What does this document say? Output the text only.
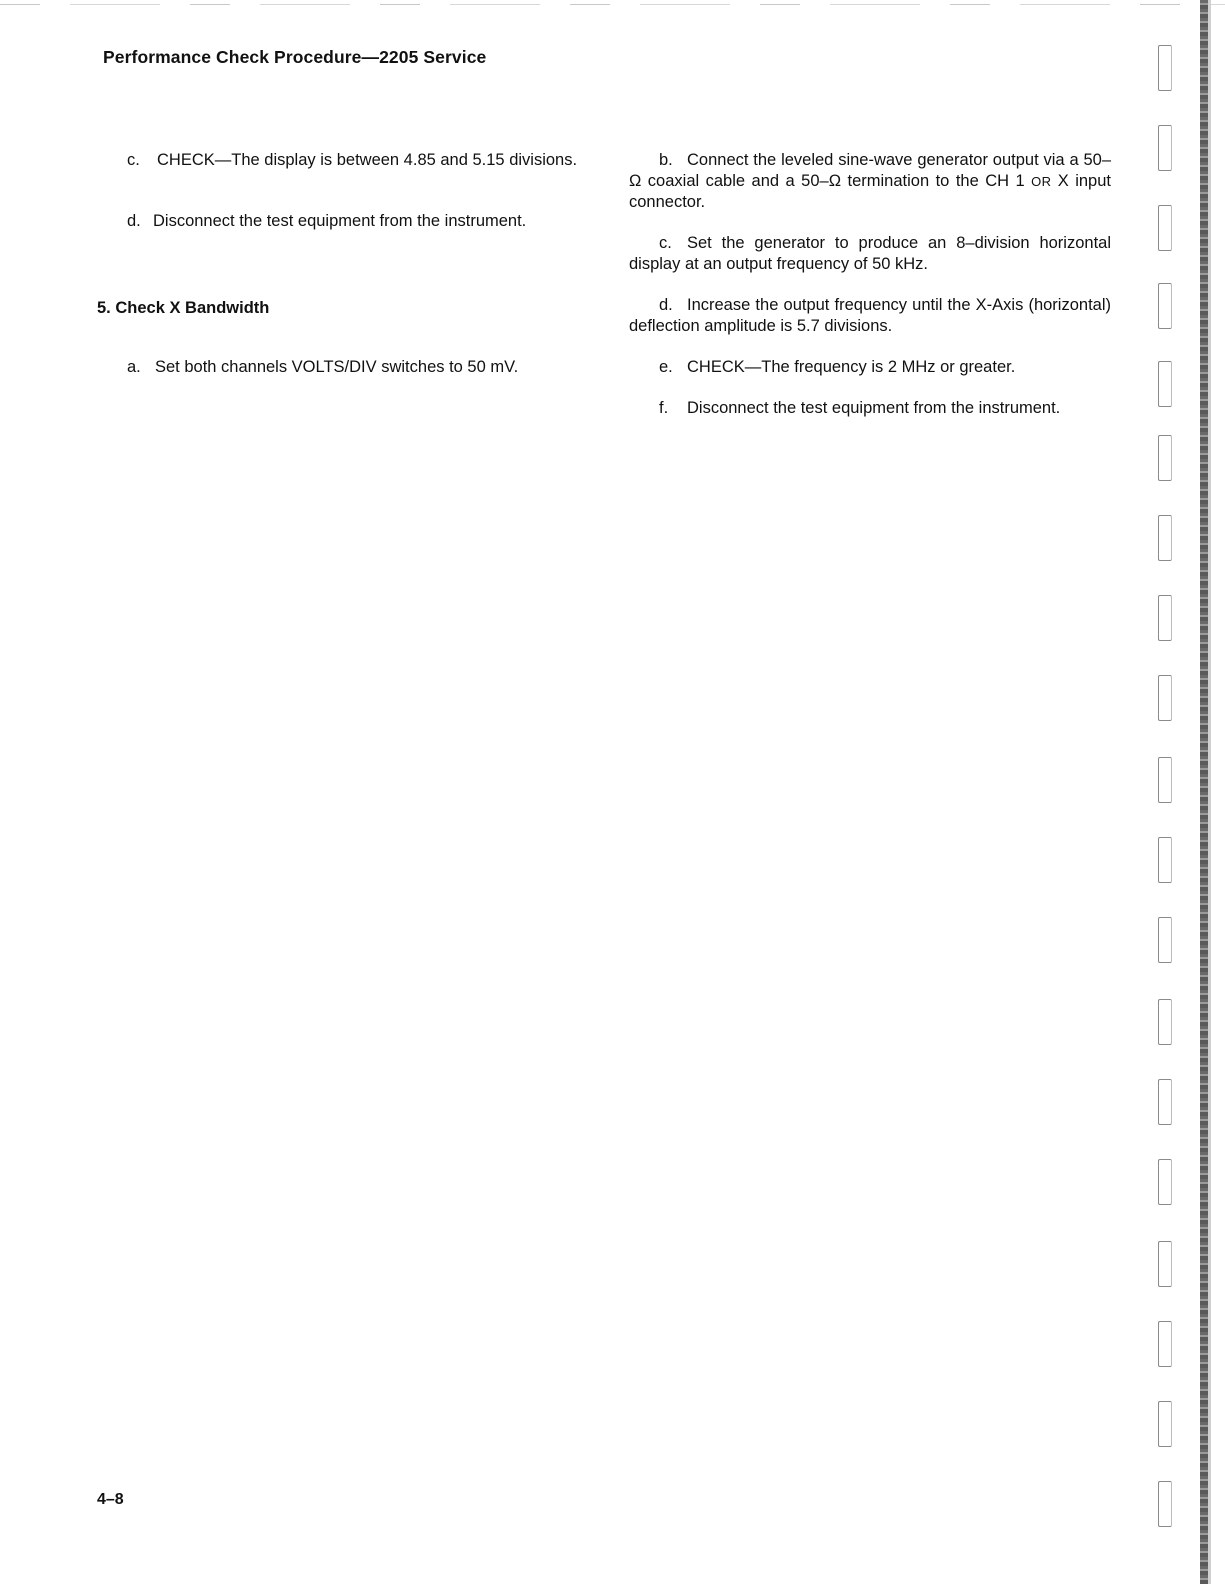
Performance Check Procedure—2205 Service

c. CHECK—The display is between 4.85 and 5.15 divisions.

d. Disconnect the test equipment from the instrument.

5. Check X Bandwidth

a. Set both channels VOLTS/DIV switches to 50 mV.

b. Connect the leveled sine-wave generator output via a 50–Ω coaxial cable and a 50–Ω termination to the CH 1 OR X input connector.

c. Set the generator to produce an 8–division horizontal display at an output frequency of 50 kHz.

d. Increase the output frequency until the X-Axis (horizontal) deflection amplitude is 5.7 divisions.

e. CHECK—The frequency is 2 MHz or greater.

f. Disconnect the test equipment from the instrument.

4–8
